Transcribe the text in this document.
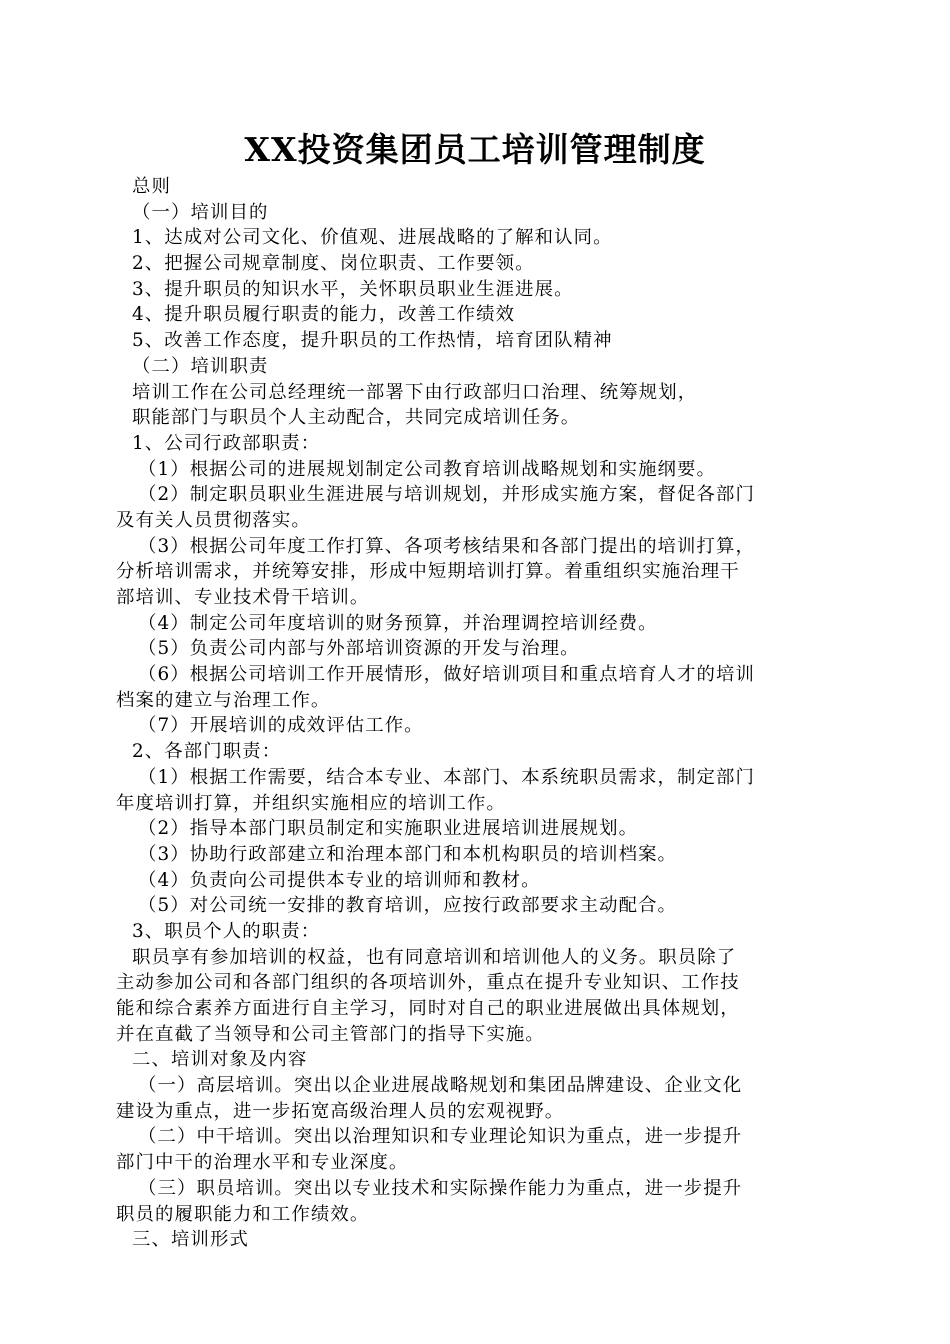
XX投资集团员工培训管理制度
总则
（一）培训目的
1、达成对公司文化、价值观、进展战略的了解和认同。
2、把握公司规章制度、岗位职责、工作要领。
3、提升职员的知识水平，关怀职员职业生涯进展。
4、提升职员履行职责的能力，改善工作绩效
5、改善工作态度，提升职员的工作热情，培育团队精神
（二）培训职责
培训工作在公司总经理统一部署下由行政部归口治理、统筹规划，
职能部门与职员个人主动配合，共同完成培训任务。
1、公司行政部职责：
（1）根据公司的进展规划制定公司教育培训战略规划和实施纲要。
（2）制定职员职业生涯进展与培训规划，并形成实施方案，督促各部门
及有关人员贯彻落实。
（3）根据公司年度工作打算、各项考核结果和各部门提出的培训打算，
分析培训需求，并统筹安排，形成中短期培训打算。着重组织实施治理干
部培训、专业技术骨干培训。
（4）制定公司年度培训的财务预算，并治理调控培训经费。
（5）负责公司内部与外部培训资源的开发与治理。
（6）根据公司培训工作开展情形，做好培训项目和重点培育人才的培训
档案的建立与治理工作。
（7）开展培训的成效评估工作。
2、各部门职责：
（1）根据工作需要，结合本专业、本部门、本系统职员需求，制定部门
年度培训打算，并组织实施相应的培训工作。
（2）指导本部门职员制定和实施职业进展培训进展规划。
（3）协助行政部建立和治理本部门和本机构职员的培训档案。
（4）负责向公司提供本专业的培训师和教材。
（5）对公司统一安排的教育培训，应按行政部要求主动配合。
3、职员个人的职责：
职员享有参加培训的权益，也有同意培训和培训他人的义务。职员除了
主动参加公司和各部门组织的各项培训外，重点在提升专业知识、工作技
能和综合素养方面进行自主学习，同时对自己的职业进展做出具体规划，
并在直截了当领导和公司主管部门的指导下实施。
二、培训对象及内容
（一）高层培训。突出以企业进展战略规划和集团品牌建设、企业文化
建设为重点，进一步拓宽高级治理人员的宏观视野。
（二）中干培训。突出以治理知识和专业理论知识为重点，进一步提升
部门中干的治理水平和专业深度。
（三）职员培训。突出以专业技术和实际操作能力为重点，进一步提升
职员的履职能力和工作绩效。
三、培训形式
